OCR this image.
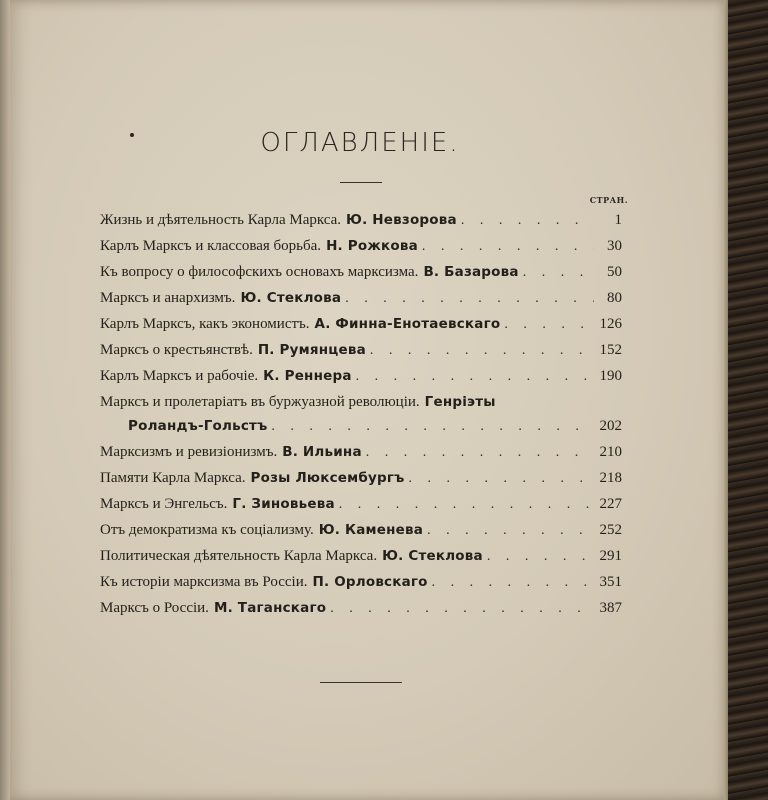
ОГЛАВЛЕНІЕ.
СТРАН.
Жизнь и дѣятельность Карла Маркса. Ю. Невзорова . . .	1
Карлъ Марксъ и классовая борьба. Н. Рожкова . . .	30
Къ вопросу о философскихъ основахъ марксизма. В. Базарова . . .	50
Марксъ и анархизмъ. Ю. Стеклова . . .	80
Карлъ Марксъ, какъ экономистъ. А. Финна-Енотаевскаго . . .	126
Марксъ о крестьянствѣ. П. Румянцева . . .	152
Карлъ Марксъ и рабочіе. К. Реннера . . .	190
Марксъ и пролетаріатъ въ буржуазной революціи. Генріэты
Роландъ-Гольстъ . . .	202
Марксизмъ и ревизіонизмъ. В. Ильина . . .	210
Памяти Карла Маркса. Розы Люксембургъ . . .	218
Марксъ и Энгельсъ. Г. Зиновьева . . .	227
Отъ демократизма къ соціализму. Ю. Каменева . . .	252
Политическая дѣятельность Карла Маркса. Ю. Стеклова . . .	291
Къ исторіи марксизма въ Россіи. П. Орловскаго . . .	351
Марксъ о Россіи. М. Таганскаго . . .	387
